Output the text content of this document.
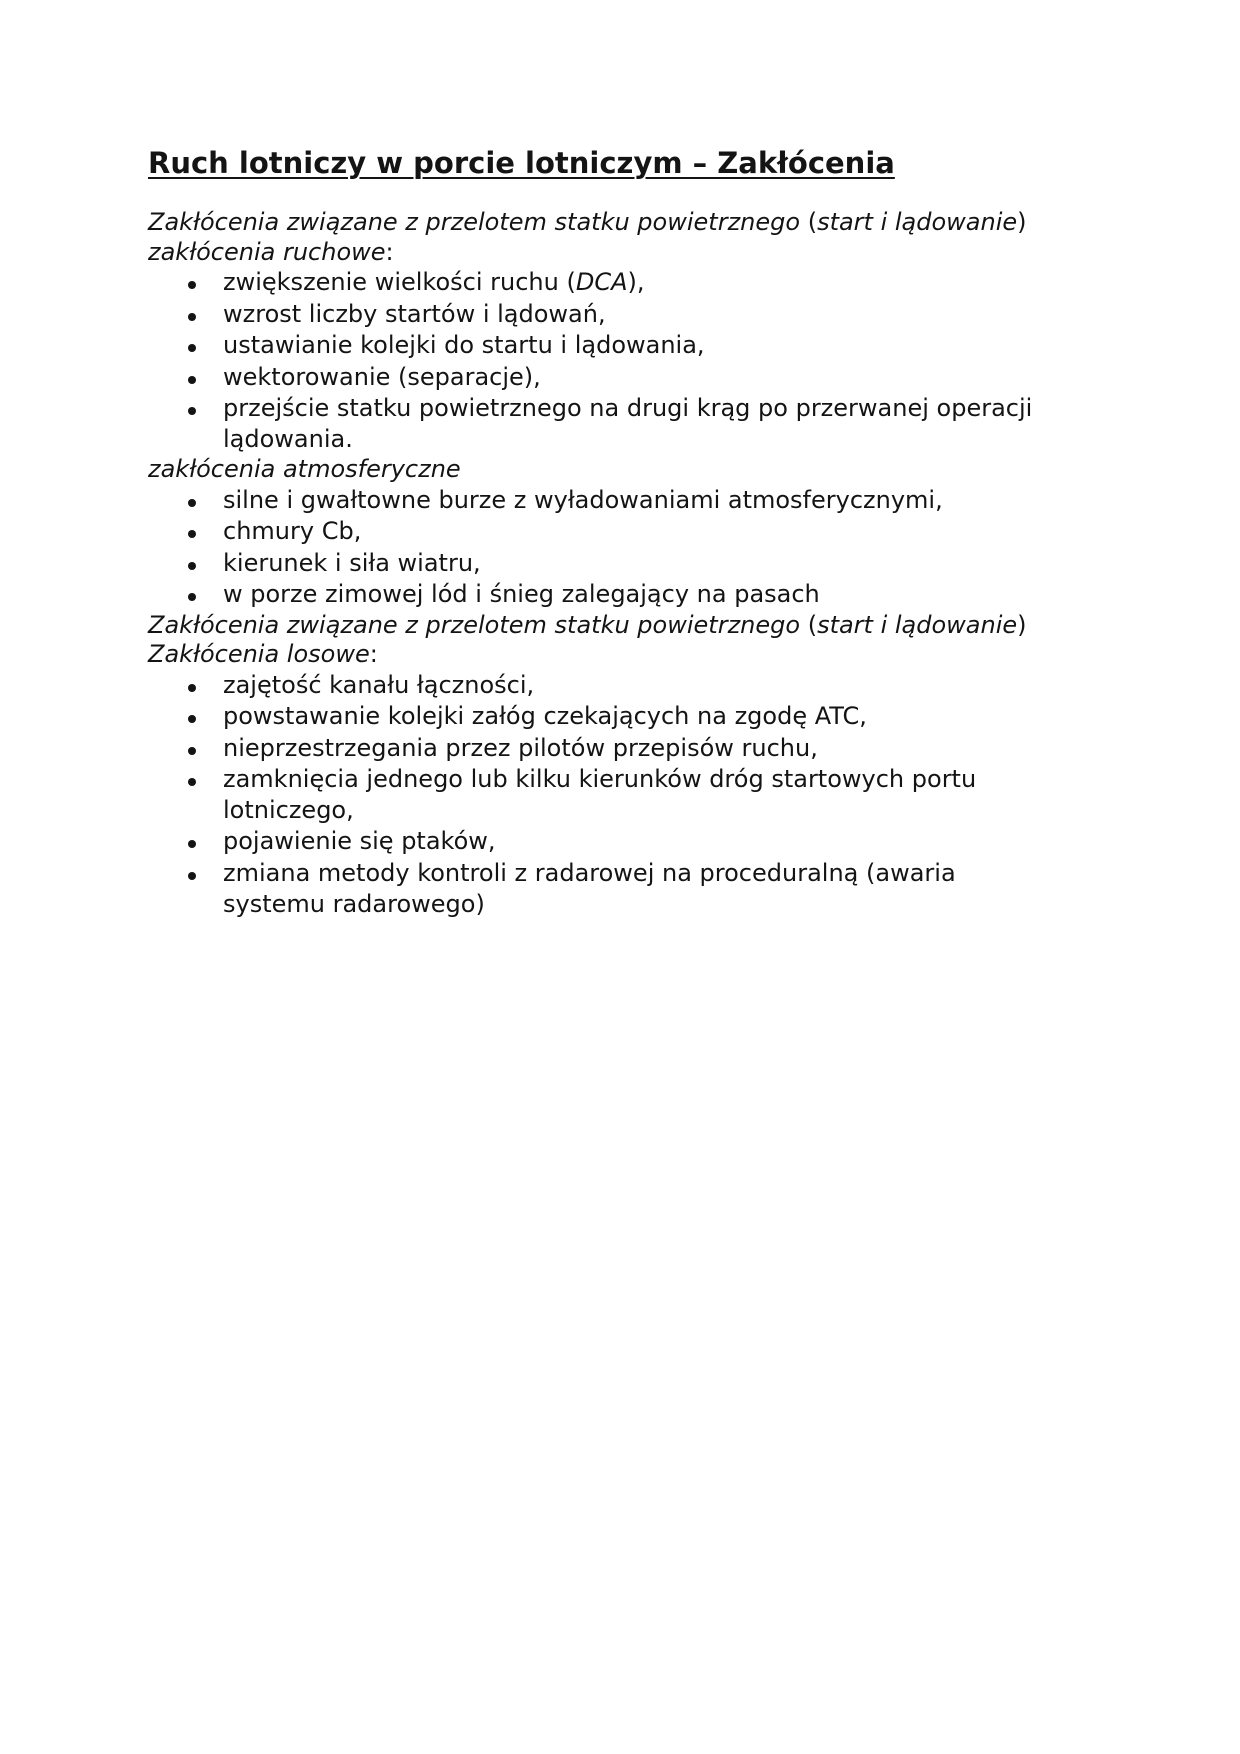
Ruch lotniczy w porcie lotniczym – Zakłócenia
Zakłócenia związane z przelotem statku powietrznego (start i lądowanie)
zakłócenia ruchowe:
zwiększenie wielkości ruchu (DCA),
wzrost liczby startów i lądowań,
ustawianie kolejki do startu i lądowania,
wektorowanie (separacje),
przejście statku powietrznego na drugi krąg po przerwanej operacji
lądowania.
zakłócenia atmosferyczne
silne i gwałtowne burze z wyładowaniami atmosferycznymi,
chmury Cb,
kierunek i siła wiatru,
w porze zimowej lód i śnieg zalegający na pasach
Zakłócenia związane z przelotem statku powietrznego (start i lądowanie)
Zakłócenia losowe:
zajętość kanału łączności,
powstawanie kolejki załóg czekających na zgodę ATC,
nieprzestrzegania przez pilotów przepisów ruchu,
zamknięcia jednego lub kilku kierunków dróg startowych portu
lotniczego,
pojawienie się ptaków,
zmiana metody kontroli z radarowej na proceduralną (awaria
systemu radarowego)
